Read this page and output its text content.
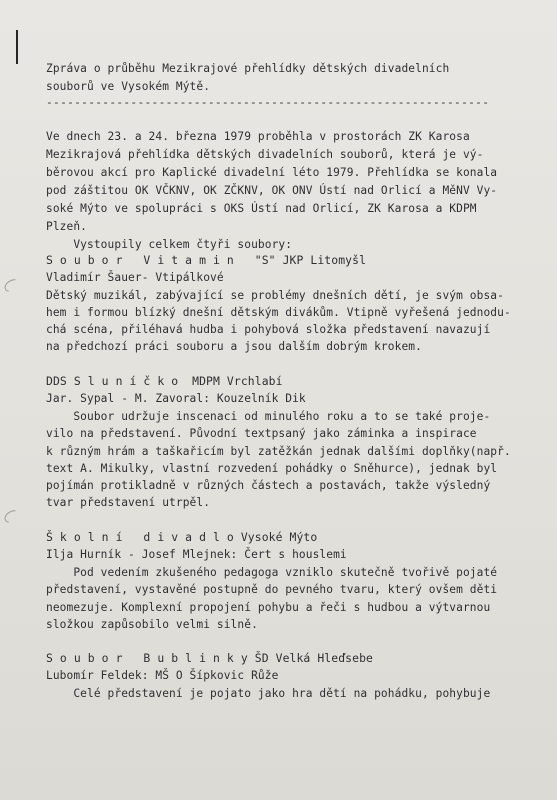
Zpráva o průběhu Mezikrajové přehlídky dětských divadelních
souborů ve Vysokém Mýtě.
---------------------------------------------------------------
Ve dnech 23. a 24. března 1979 proběhla v prostorách ZK Karosa
Mezikrajová přehlídka dětských divadelních souborů, která je vý-
běrovou akcí pro Kaplické divadelní léto 1979. Přehlídka se konala
pod záštitou OK VČKNV, OK ZČKNV, OK ONV Ústí nad Orlicí a MěNV Vy-
soké Mýto ve spolupráci s OKS Ústí nad Orlicí, ZK Karosa a KDPM
Plzeň.
Vystoupily celkem čtyři soubory:
S o u b o r   V i t a m i n   "S" JKP Litomyšl
Vladimír Šauer- Vtipálkové
Dětský muzikál, zabývající se problémy dnešních dětí, je svým obsa-
hem i formou blízký dnešní dětským divákům. Vtipně vyřešená jednodu-
chá scéna, přiléhavá hudba i pohybová složka představení navazují
na předchozí práci souboru a jsou dalším dobrým krokem.
DDS S l u n í č k o  MDPM Vrchlabí
Jar. Sypal - M. Zavoral: Kouzelník Dik
Soubor udržuje inscenaci od minulého roku a to se také proje-
vilo na představení. Původní textpsaný jako záminka a inspirace
k různým hrám a taškařicím byl zatěžkán jednak dalšími doplňky(např.
text A. Mikulky, vlastní rozvedení pohádky o Sněhurce), jednak byl
pojímán protikladně v různých částech a postavách, takže výsledný
tvar představení utrpěl.
Š k o l n í   d i v a d l o Vysoké Mýto
Ilja Hurník - Josef Mlejnek: Čert s houslemi
Pod vedením zkušeného pedagoga vzniklo skutečně tvořivě pojaté
představení, vystavěné postupně do pevného tvaru, který ovšem děti
neomezuje. Komplexní propojení pohybu a řeči s hudbou a výtvarnou
složkou zapůsobilo velmi silně.
S o u b o r   B u b l i n k y ŠD Velká Hleďsebe
Lubomír Feldek: MŠ O Šípkovic Růže
Celé představení je pojato jako hra dětí na pohádku, pohybuje
